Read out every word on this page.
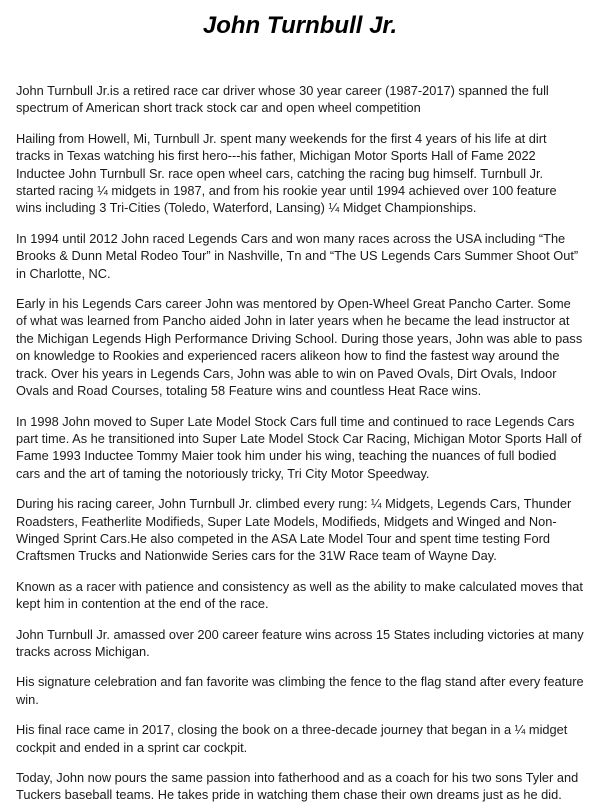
John Turnbull Jr.

John Turnbull Jr.is a retired race car driver whose 30 year career (1987-2017) spanned the full spectrum of American short track stock car and open wheel competition

Hailing from Howell, Mi, Turnbull Jr. spent many weekends for the first 4 years of his life at dirt tracks in Texas watching his first hero---his father, Michigan Motor Sports Hall of Fame 2022 Inductee John Turnbull Sr. race open wheel cars, catching the racing bug himself. Turnbull Jr. started racing ¼ midgets in 1987, and from his rookie year until 1994 achieved over 100 feature wins including 3 Tri-Cities (Toledo, Waterford, Lansing) ¼ Midget Championships.

In 1994 until 2012 John raced Legends Cars and won many races across the USA including “The Brooks & Dunn Metal Rodeo Tour” in Nashville, Tn and “The US Legends Cars Summer Shoot Out” in Charlotte, NC.

Early in his Legends Cars career John was mentored by Open-Wheel Great Pancho Carter. Some of what was learned from Pancho aided John in later years when he became the lead instructor at the Michigan Legends High Performance Driving School. During those years, John was able to pass on knowledge to Rookies and experienced racers alikeon how to find the fastest way around the track. Over his years in Legends Cars, John was able to win on Paved Ovals, Dirt Ovals, Indoor Ovals and Road Courses, totaling 58 Feature wins and countless Heat Race wins.

In 1998 John moved to Super Late Model Stock Cars full time and continued to race Legends Cars part time. As he transitioned into Super Late Model Stock Car Racing, Michigan Motor Sports Hall of Fame 1993 Inductee Tommy Maier took him under his wing, teaching the nuances of full bodied cars and the art of taming the notoriously tricky, Tri City Motor Speedway.

During his racing career, John Turnbull Jr. climbed every rung: ¼ Midgets, Legends Cars, Thunder Roadsters, Featherlite Modifieds, Super Late Models, Modifieds, Midgets and Winged and Non-Winged Sprint Cars.He also competed in the ASA Late Model Tour and spent time testing Ford Craftsmen Trucks and Nationwide Series cars for the 31W Race team of Wayne Day.

Known as a racer with patience and consistency as well as the ability to make calculated moves that kept him in contention at the end of the race.

John Turnbull Jr. amassed over 200 career feature wins across 15 States including victories at many tracks across Michigan.

His signature celebration and fan favorite was climbing the fence to the flag stand after every feature win.

His final race came in 2017, closing the book on a three-decade journey that began in a ¼ midget cockpit and ended in a sprint car cockpit.

Today, John now pours the same passion into fatherhood and as a coach for his two sons Tyler and Tuckers baseball teams. He takes pride in watching them chase their own dreams just as he did.
